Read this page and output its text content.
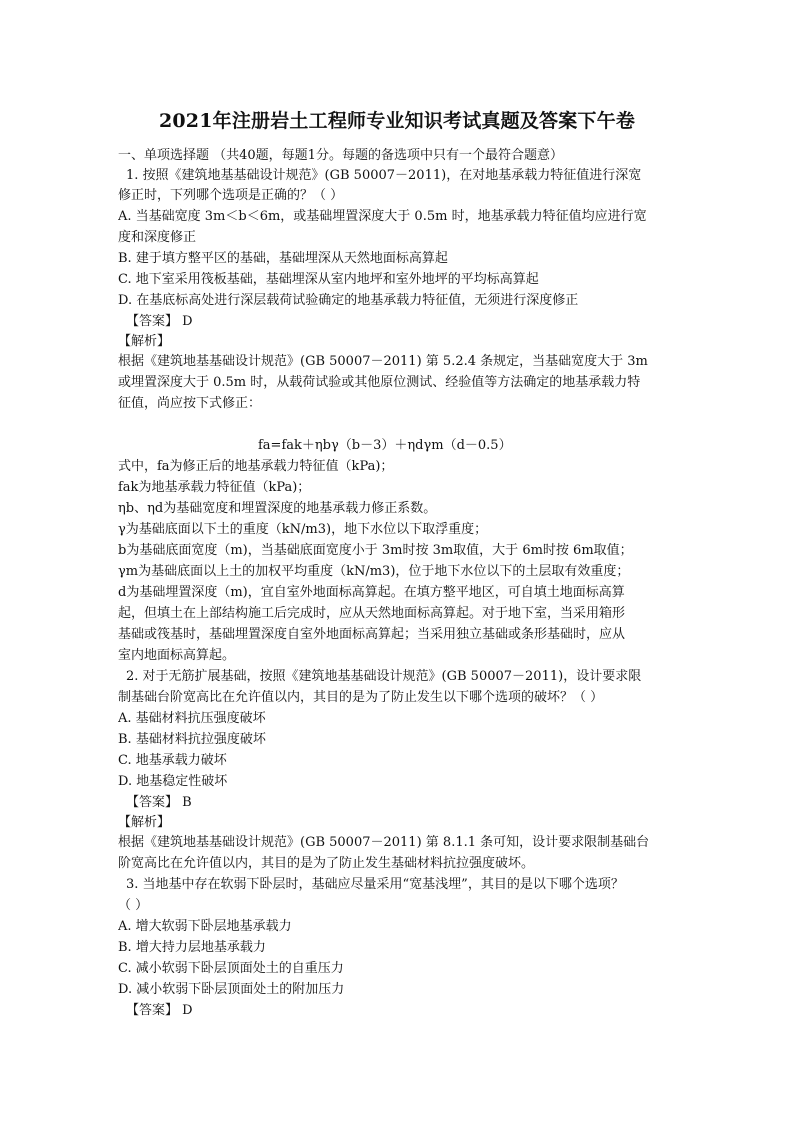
2021年注册岩土工程师专业知识考试真题及答案下午卷
一、单项选择题 （共40题，每题1分。每题的备选项中只有一个最符合题意）
1. 按照《建筑地基基础设计规范》(GB 50007－2011)，在对地基承载力特征值进行深宽
修正时，下列哪个选项是正确的？（ ）
A. 当基础宽度 3m＜b＜6m，或基础埋置深度大于 0.5m 时，地基承载力特征值均应进行宽
度和深度修正
B. 建于填方整平区的基础，基础埋深从天然地面标高算起
C. 地下室采用筏板基础，基础埋深从室内地坪和室外地坪的平均标高算起
D. 在基底标高处进行深层载荷试验确定的地基承载力特征值，无须进行深度修正
【答案】 D
【解析】
根据《建筑地基基础设计规范》(GB 50007－2011) 第 5.2.4 条规定，当基础宽度大于 3m
或埋置深度大于 0.5m 时，从载荷试验或其他原位测试、经验值等方法确定的地基承载力特
征值，尚应按下式修正：
fa=fak＋ηbγ（b－3）＋ηdγm（d－0.5）
式中，fa为修正后的地基承载力特征值（kPa)；
fak为地基承载力特征值（kPa)；
ηb、ηd为基础宽度和埋置深度的地基承载力修正系数。
γ为基础底面以下土的重度（kN/m3)，地下水位以下取浮重度；
b为基础底面宽度（m)，当基础底面宽度小于 3m时按 3m取值，大于 6m时按 6m取值；
γm为基础底面以上土的加权平均重度（kN/m3)，位于地下水位以下的土层取有效重度；
d为基础埋置深度（m)，宜自室外地面标高算起。在填方整平地区，可自填土地面标高算
起，但填土在上部结构施工后完成时，应从天然地面标高算起。对于地下室，当采用箱形
基础或筏基时，基础埋置深度自室外地面标高算起；当采用独立基础或条形基础时，应从
室内地面标高算起。
2. 对于无筋扩展基础，按照《建筑地基基础设计规范》(GB 50007－2011)，设计要求限
制基础台阶宽高比在允许值以内，其目的是为了防止发生以下哪个选项的破坏？（ ）
A. 基础材料抗压强度破坏
B. 基础材料抗拉强度破坏
C. 地基承载力破坏
D. 地基稳定性破坏
【答案】 B
【解析】
根据《建筑地基基础设计规范》(GB 50007－2011) 第 8.1.1 条可知，设计要求限制基础台
阶宽高比在允许值以内，其目的是为了防止发生基础材料抗拉强度破坏。
3. 当地基中存在软弱下卧层时，基础应尽量采用“宽基浅埋”，其目的是以下哪个选项？
（ ）
A. 增大软弱下卧层地基承载力
B. 增大持力层地基承载力
C. 减小软弱下卧层顶面处土的自重压力
D. 减小软弱下卧层顶面处土的附加压力
【答案】 D
